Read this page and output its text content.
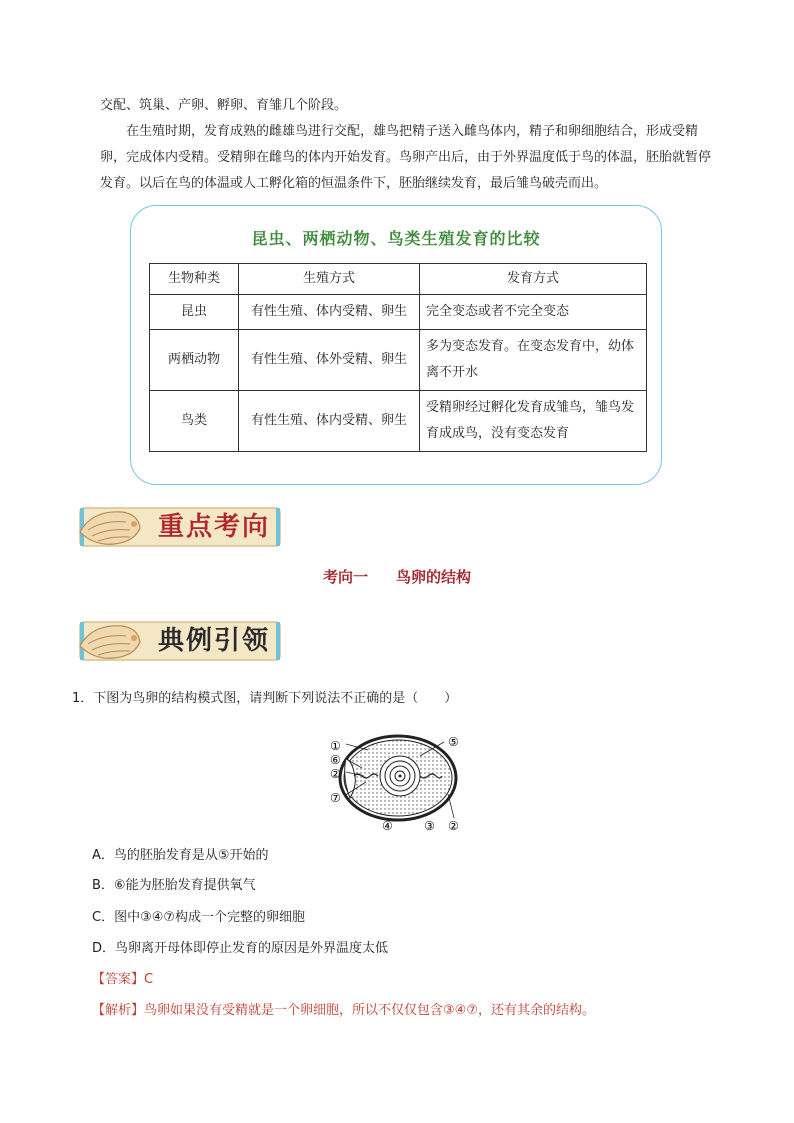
交配、筑巢、产卵、孵卵、育雏几个阶段。
在生殖时期，发育成熟的雌雄鸟进行交配，雄鸟把精子送入雌鸟体内，精子和卵细胞结合，形成受精卵，完成体内受精。受精卵在雌鸟的体内开始发育。鸟卵产出后，由于外界温度低于鸟的体温，胚胎就暂停发育。以后在鸟的体温或人工孵化箱的恒温条件下，胚胎继续发育，最后雏鸟破壳而出。
昆虫、两栖动物、鸟类生殖发育的比较
生物种类	生殖方式	发育方式
昆虫	有性生殖、体内受精、卵生	完全变态或者不完全变态
两栖动物	有性生殖、体外受精、卵生	多为变态发育。在变态发育中，幼体离不开水
鸟类	有性生殖、体内受精、卵生	受精卵经过孵化发育成雏鸟，雏鸟发育成成鸟，没有变态发育
重点考向
考向一 鸟卵的结构
典例引领
1．下图为鸟卵的结构模式图，请判断下列说法不正确的是（　　）
①
⑥
②
⑦
⑤
④	③ ②
A．鸟的胚胎发育是从⑤开始的
B．⑥能为胚胎发育提供氧气
C．图中③④⑦构成一个完整的卵细胞
D．鸟卵离开母体即停止发育的原因是外界温度太低
【答案】C
【解析】鸟卵如果没有受精就是一个卵细胞，所以不仅仅包含③④⑦，还有其余的结构。
